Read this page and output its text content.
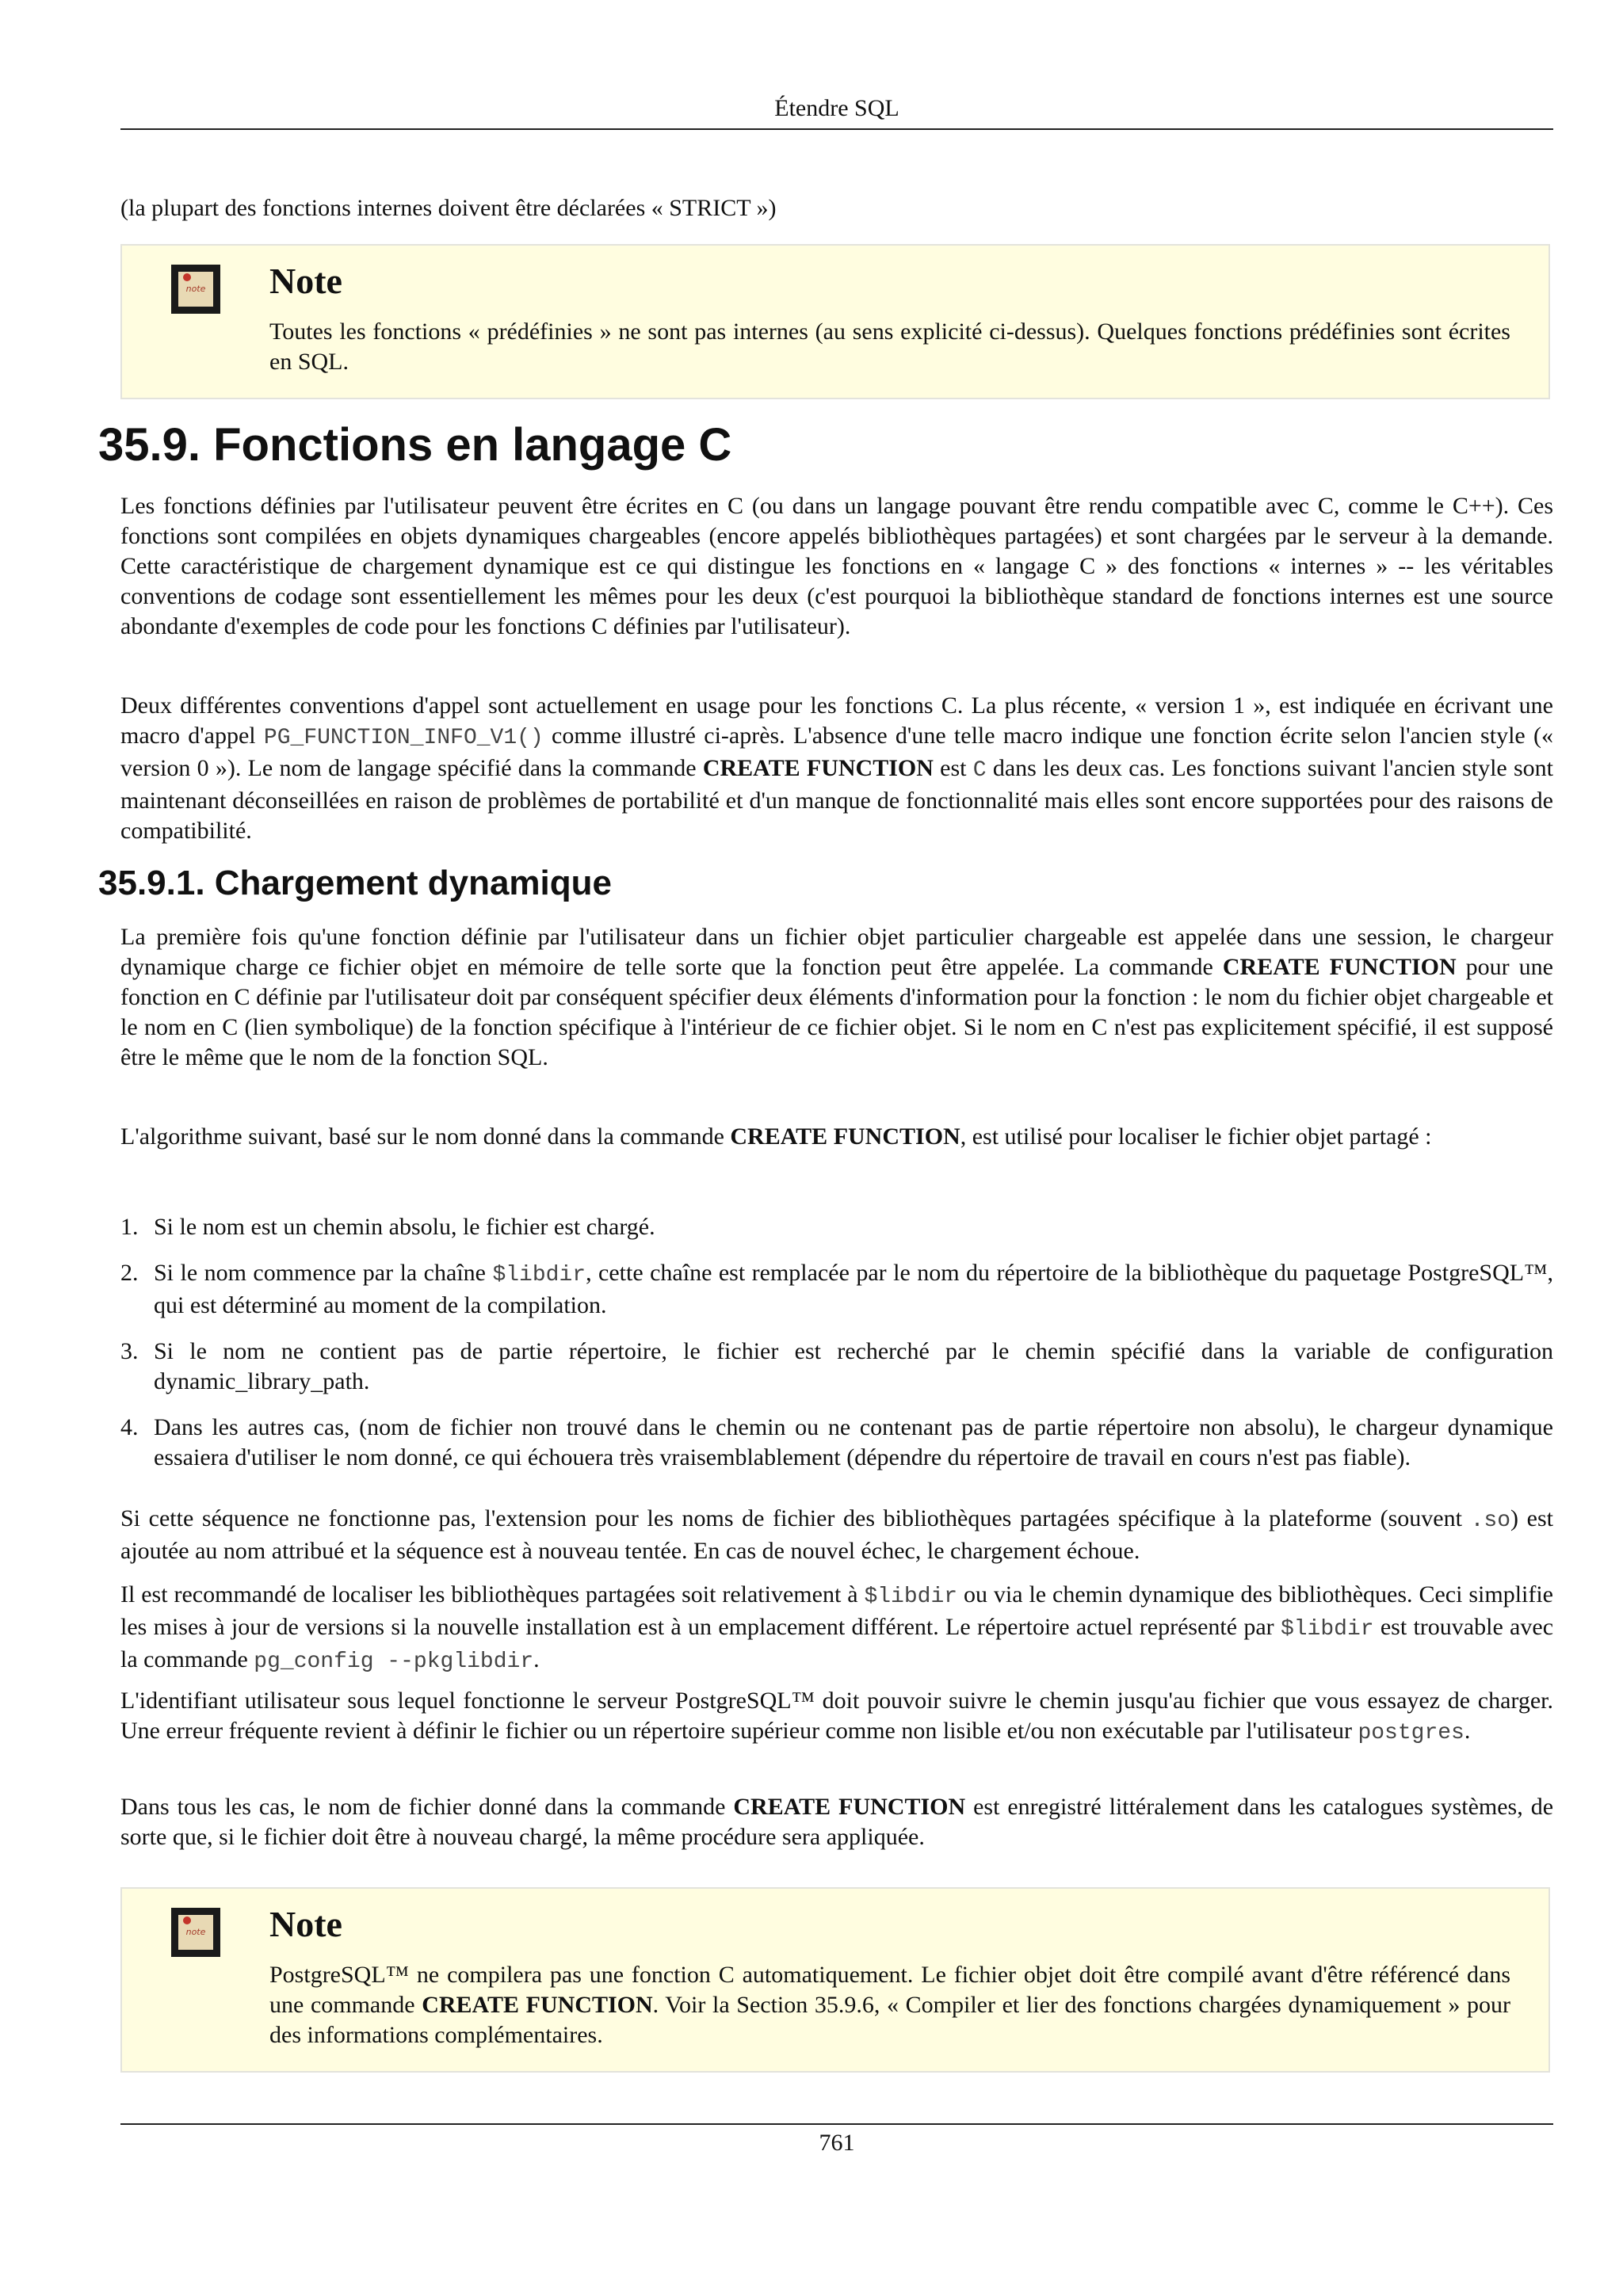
Étendre SQL

(la plupart des fonctions internes doivent être déclarées « STRICT »)

note Note

Toutes les fonctions « prédéfinies » ne sont pas internes (au sens explicité ci-dessus). Quelques fonctions prédéfinies sont écrites en SQL.

35.9. Fonctions en langage C

Les fonctions définies par l'utilisateur peuvent être écrites en C (ou dans un langage pouvant être rendu compatible avec C, comme le C++). Ces fonctions sont compilées en objets dynamiques chargeables (encore appelés bibliothèques partagées) et sont chargées par le serveur à la demande. Cette caractéristique de chargement dynamique est ce qui distingue les fonctions en « langage C » des fonctions « internes » -- les véritables conventions de codage sont essentiellement les mêmes pour les deux (c'est pourquoi la bibliothèque standard de fonctions internes est une source abondante d'exemples de code pour les fonctions C définies par l'utilisateur).

Deux différentes conventions d'appel sont actuellement en usage pour les fonctions C. La plus récente, « version 1 », est indiquée en écrivant une macro d'appel PG_FUNCTION_INFO_V1() comme illustré ci-après. L'absence d'une telle macro indique une fonction écrite selon l'ancien style (« version 0 »). Le nom de langage spécifié dans la commande CREATE FUNCTION est C dans les deux cas. Les fonctions suivant l'ancien style sont maintenant déconseillées en raison de problèmes de portabilité et d'un manque de fonctionnalité mais elles sont encore supportées pour des raisons de compatibilité.

35.9.1. Chargement dynamique

La première fois qu'une fonction définie par l'utilisateur dans un fichier objet particulier chargeable est appelée dans une session, le chargeur dynamique charge ce fichier objet en mémoire de telle sorte que la fonction peut être appelée. La commande CREATE FUNCTION pour une fonction en C définie par l'utilisateur doit par conséquent spécifier deux éléments d'information pour la fonction : le nom du fichier objet chargeable et le nom en C (lien symbolique) de la fonction spécifique à l'intérieur de ce fichier objet. Si le nom en C n'est pas explicitement spécifié, il est supposé être le même que le nom de la fonction SQL.

L'algorithme suivant, basé sur le nom donné dans la commande CREATE FUNCTION, est utilisé pour localiser le fichier objet partagé :

1. Si le nom est un chemin absolu, le fichier est chargé.
2. Si le nom commence par la chaîne $libdir, cette chaîne est remplacée par le nom du répertoire de la bibliothèque du paquetage PostgreSQL™, qui est déterminé au moment de la compilation.
3. Si le nom ne contient pas de partie répertoire, le fichier est recherché par le chemin spécifié dans la variable de configuration dynamic_library_path.
4. Dans les autres cas, (nom de fichier non trouvé dans le chemin ou ne contenant pas de partie répertoire non absolu), le chargeur dynamique essaiera d'utiliser le nom donné, ce qui échouera très vraisemblablement (dépendre du répertoire de travail en cours n'est pas fiable).

Si cette séquence ne fonctionne pas, l'extension pour les noms de fichier des bibliothèques partagées spécifique à la plateforme (souvent .so) est ajoutée au nom attribué et la séquence est à nouveau tentée. En cas de nouvel échec, le chargement échoue.

Il est recommandé de localiser les bibliothèques partagées soit relativement à $libdir ou via le chemin dynamique des bibliothèques. Ceci simplifie les mises à jour de versions si la nouvelle installation est à un emplacement différent. Le répertoire actuel représenté par $libdir est trouvable avec la commande pg_config --pkglibdir.

L'identifiant utilisateur sous lequel fonctionne le serveur PostgreSQL™ doit pouvoir suivre le chemin jusqu'au fichier que vous essayez de charger. Une erreur fréquente revient à définir le fichier ou un répertoire supérieur comme non lisible et/ou non exécutable par l'utilisateur postgres.

Dans tous les cas, le nom de fichier donné dans la commande CREATE FUNCTION est enregistré littéralement dans les catalogues systèmes, de sorte que, si le fichier doit être à nouveau chargé, la même procédure sera appliquée.

note Note

PostgreSQL™ ne compilera pas une fonction C automatiquement. Le fichier objet doit être compilé avant d'être référencé dans une commande CREATE FUNCTION. Voir la Section 35.9.6, « Compiler et lier des fonctions chargées dynamiquement » pour des informations complémentaires.

761
